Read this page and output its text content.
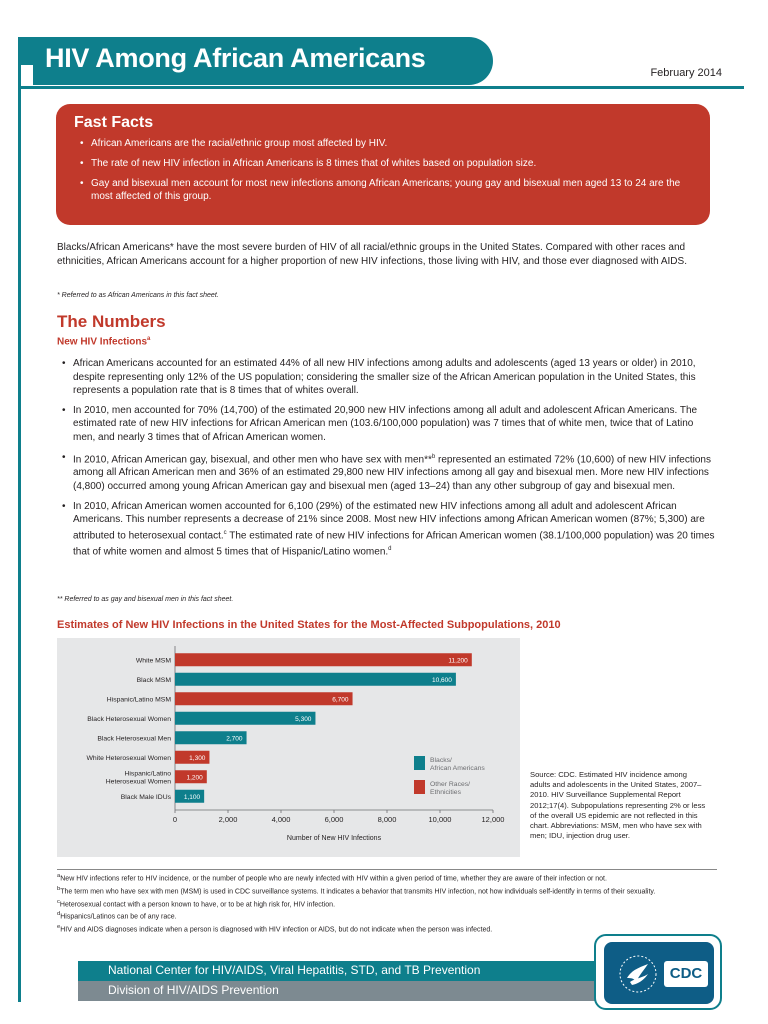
HIV Among African Americans	February 2014
Fast Facts
• African Americans are the racial/ethnic group most affected by HIV.
• The rate of new HIV infection in African Americans is 8 times that of whites based on population size.
• Gay and bisexual men account for most new infections among African Americans; young gay and bisexual men aged 13 to 24 are the most affected of this group.

Blacks/African Americans* have the most severe burden of HIV of all racial/ethnic groups in the United States. Compared with other races and ethnicities, African Americans account for a higher proportion of new HIV infections, those living with HIV, and those ever diagnosed with AIDS.

* Referred to as African Americans in this fact sheet.
The Numbers
New HIV Infections$^a$
• African Americans accounted for an estimated 44% of all new HIV infections among adults and adolescents (aged 13 years or older) in 2010, despite representing only 12% of the US population; considering the smaller size of the African American population in the United States, this represents a population rate that is 8 times that of whites overall.
• In 2010, men accounted for 70% (14,700) of the estimated 20,900 new HIV infections among all adult and adolescent African Americans. The estimated rate of new HIV infections for African American men (103.6/100,000 population) was 7 times that of white men, twice that of Latino men, and nearly 3 times that of African American women.
• In 2010, African American gay, bisexual, and other men who have sex with men**$^b$ represented an estimated 72% (10,600) of new HIV infections among all African American men and 36% of an estimated 29,800 new HIV infections among all gay and bisexual men. More new HIV infections (4,800) occurred among young African American gay and bisexual men (aged 13–24) than any other subgroup of gay and bisexual men.
• In 2010, African American women accounted for 6,100 (29%) of the estimated new HIV infections among all adult and adolescent African Americans. This number represents a decrease of 21% since 2008. Most new HIV infections among African American women (87%; 5,300) are attributed to heterosexual contact.$^c$ The estimated rate of new HIV infections for African American women (38.1/100,000 population) was 20 times that of white women and almost 5 times that of Hispanic/Latino women.$^d$
** Referred to as gay and bisexual men in this fact sheet.
Estimates of New HIV Infections in the United States for the Most-Affected Subpopulations, 2010
11,200
White MSM
10,600
Black MSM
6,700
Hispanic/Latino MSM
5,300
Black Heterosexual Women
2,700
Black Heterosexual Men
1,300
White Heterosexual Women
1,200
Hispanic/Latino
Heterosexual Women
1,100
Black Male IDUs
0	2,000	4,000	6,000	8,000	10,000	12,000
Number of New HIV Infections
Blacks/
African Americans
Other Races/
Ethnicities
Source: CDC. Estimated HIV incidence among adults and adolescents in the United States, 2007–2010. HIV Surveillance Supplemental Report 2012;17(4). Subpopulations representing 2% or less of the overall US epidemic are not reflected in this chart. Abbreviations: MSM, men who have sex with men; IDU, injection drug user.

$^a$New HIV infections refer to HIV incidence, or the number of people who are newly infected with HIV within a given period of time, whether they are aware of their infection or not.

$^b$The term men who have sex with men (MSM) is used in CDC surveillance systems. It indicates a behavior that transmits HIV infection, not how individuals self-identify in terms of their sexuality.

$^c$Heterosexual contact with a person known to have, or to be at high risk for, HIV infection.

$^d$Hispanics/Latinos can be of any race.

$^e$HIV and AIDS diagnoses indicate when a person is diagnosed with HIV infection or AIDS, but do not indicate when the person was infected.

National Center for HIV/AIDS, Viral Hepatitis, STD, and TB Prevention
Division of HIV/AIDS Prevention
CDC
